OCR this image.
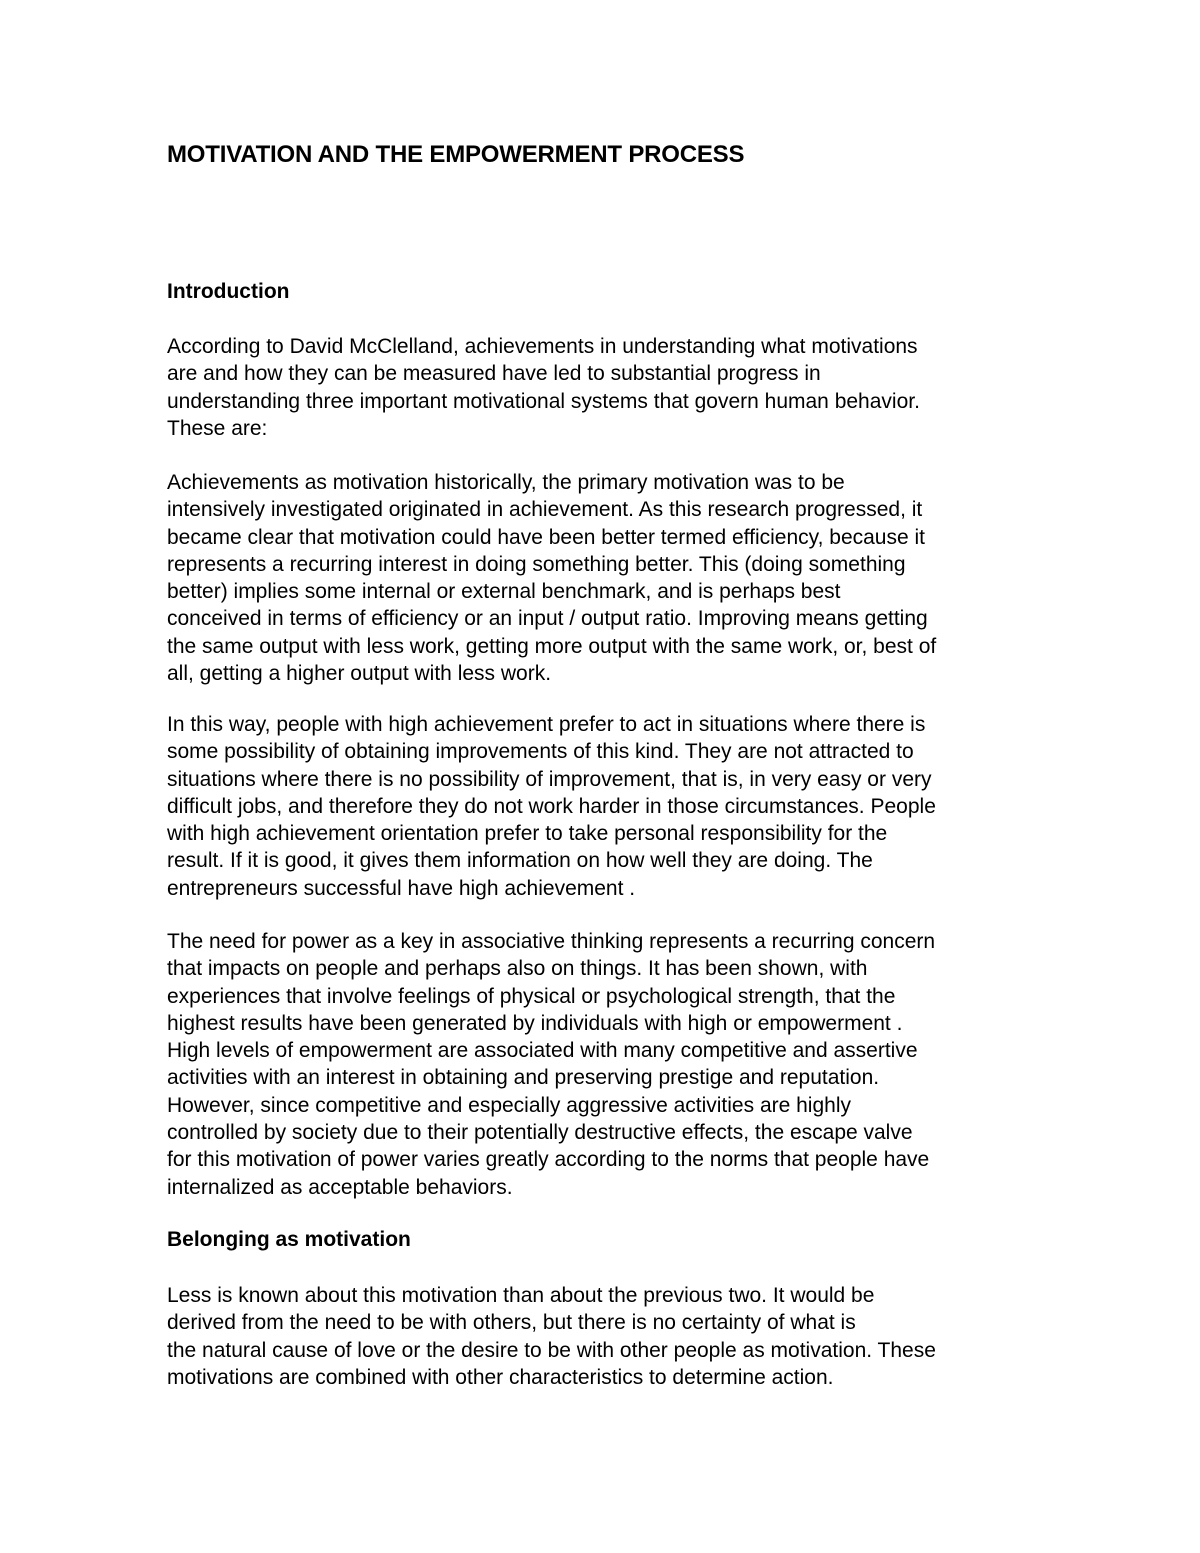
MOTIVATION AND THE EMPOWERMENT PROCESS
Introduction

According to David McClelland, achievements in understanding what motivations
are and how they can be measured have led to substantial progress in
understanding three important motivational systems that govern human behavior.
These are:

Achievements as motivation historically, the primary motivation was to be
intensively investigated originated in achievement. As this research progressed, it
became clear that motivation could have been better termed efficiency, because it
represents a recurring interest in doing something better. This (doing something
better) implies some internal or external benchmark, and is perhaps best
conceived in terms of efficiency or an input / output ratio. Improving means getting
the same output with less work, getting more output with the same work, or, best of
all, getting a higher output with less work.

In this way, people with high achievement prefer to act in situations where there is
some possibility of obtaining improvements of this kind. They are not attracted to
situations where there is no possibility of improvement, that is, in very easy or very
difficult jobs, and therefore they do not work harder in those circumstances. People
with high achievement orientation prefer to take personal responsibility for the
result. If it is good, it gives them information on how well they are doing. The
entrepreneurs successful have high achievement .

The need for power as a key in associative thinking represents a recurring concern
that impacts on people and perhaps also on things. It has been shown, with
experiences that involve feelings of physical or psychological strength, that the
highest results have been generated by individuals with high or empowerment .
High levels of empowerment are associated with many competitive and assertive
activities with an interest in obtaining and preserving prestige and reputation.
However, since competitive and especially aggressive activities are highly
controlled by society due to their potentially destructive effects, the escape valve
for this motivation of power varies greatly according to the norms that people have
internalized as acceptable behaviors.

Belonging as motivation

Less is known about this motivation than about the previous two. It would be
derived from the need to be with others, but there is no certainty of what is
the natural cause of love or the desire to be with other people as motivation. These
motivations are combined with other characteristics to determine action.
